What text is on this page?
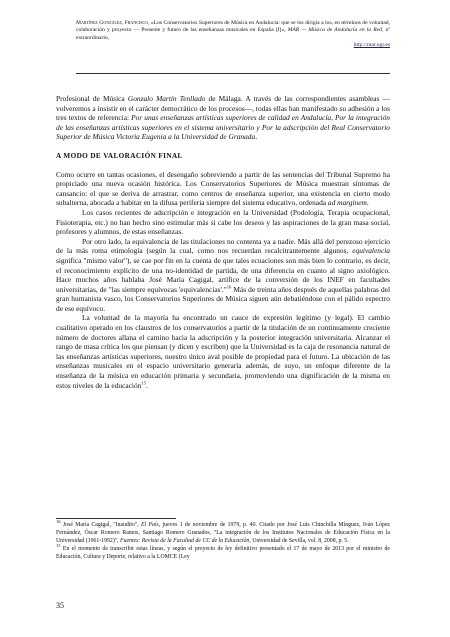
Martínez González, Francisco, «Los Conservatorios Superiores de Música en Andalucía: que se los dirigía a los, en términos de voluntad, colaboración y proyecto — Presente y futuro de las enseñanzas musicales en España [I]», MAR — Música de Andalucía en la Red, nº extraordinario,
http://mar.ugr.es

Profesional de Música Gonzalo Martín Tenllado de Málaga. A través de las correspondientes asambleas —volveremos a insistir en el carácter democrático de los procesos—, todas ellas han manifestado su adhesión a los tres textos de referencia: Por unas enseñanzas artísticas superiores de calidad en Andalucía, Por la integración de las enseñanzas artísticas superiores en el sistema universitario y Por la adscripción del Real Conservatorio Superior de Música Victoria Eugenia a la Universidad de Granada.

A MODO DE VALORACIÓN FINAL

Como ocurre en tantas ocasiones, el desengaño sobreviendo a partir de las sentencias del Tribunal Supremo ha propiciado una nueva ocasión histórica. Los Conservatorios Superiores de Música muestran síntomas de cansancio: el que se deriva de arrastrar, como centros de enseñanza superior, una existencia en cierto modo subalterna, abocada a habitar en la difusa periferia siempre del sistema educativo, ordenada ad marginem.

Los casos recientes de adscripción e integración en la Universidad (Podología, Terapia ocupacional, Fisioterapia, etc.) no han hecho sino estimular más si cabe los deseos y las aspiraciones de la gran masa social, profesores y alumnos, de estas enseñanzas.

Por otro lado, la equivalencia de las titulaciones no contenta ya a nadie. Más allá del perezoso ejercicio de la más roma etimología (según la cual, como nos recuerdan recalcitrantemente algunos, equivalencia significa "mismo valor"), se cae por fin en la cuenta de que tales ecuaciones son más bien lo contrario, es decir, el reconocimiento explícito de una no-identidad de partida, de una diferencia en cuanto al signo axiológico. Hace muchos años hablaba José María Cagigal, artífice de la conversión de los INEF en facultades universitarias, de "las siempre equívocas 'equivalencias'."$^{16}$ Más de treinta años después de aquellas palabras del gran humanista vasco, los Conservatorios Superiores de Música siguen aún debatiéndose con el pálido espectro de ese equívoco.

La voluntad de la mayoría ha encontrado un cauce de expresión legítimo (y legal). El cambio cualitativo operado en los claustros de los conservatorios a partir de la titulación de un continuamente creciente número de doctores allana el camino hacia la adscripción y la posterior integración universitaria. Alcanzar el rango de masa crítica los que piensan (y dicen y escriben) que la Universidad es la caja de resonancia natural de las enseñanzas artísticas superiores, nuestro único aval posible de propiedad para el futuro. La ubicación de las enseñanzas musicales en el espacio universitario generaría además, de suyo, un enfoque diferente de la enseñanza de la música en educación primaria y secundaria, promoviendo una dignificación de la misma en estos niveles de la educación$^{15}$.

$^{16}$ José María Cagigal, "Inaudito", El País, jueves 1 de noviembre de 1979, p. 40. Citado por José Luis Chinchilla Mínguez, Iván López Fernández, Óscar Romero Ramos, Santiago Romero Granados, "La integración de los Institutos Nacionales de Educación Física en la Universidad (1961-1992)", Fuentes: Revista de la Facultad de CC de la Educación, Universidad de Sevilla, vol. 8, 2008, p. 5.

$^{15}$ En el momento de transcribir estas líneas, y según el proyecto de ley definitivo presentado el 17 de mayo de 2013 por el ministro de Educación, Cultura y Deporte, relativo a la LOMCE (Ley

35
